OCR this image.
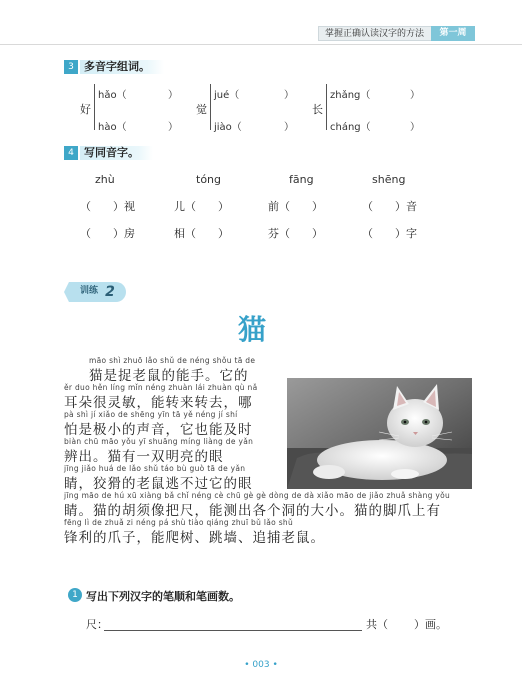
掌握正确认读汉字的方法	第一周
3 多音字组词。
好
hǎo（	）
hào（	）
觉
jué（	）
jiào（	）
长
zhǎng（	）
cháng（	）
4 写同音字。
zhù	tóng	fāng	shēng
（　　）视	儿（　　）	前（　　）	（　　）音
（　　）房	相（　　）	芬（　　）	（　　）字
训练 2
猫
māo shì zhuō lǎo shǔ de néng shǒu tā de
猫是捉老鼠的能手。它的
ěr duo hěn líng mǐn néng zhuàn lái zhuàn qù nǎ
耳朵很灵敏，能转来转去，哪
pà shì jí xiǎo de shēng yīn tā yě néng jí shí
怕是极小的声音，它也能及时
biàn chū māo yǒu yī shuāng míng liàng de yǎn
辨出。猫有一双明亮的眼
jīng jiǎo huá de lǎo shǔ táo bù guò tā de yǎn
睛，狡猾的老鼠逃不过它的眼
jīng māo de hú xū xiàng bǎ chǐ néng cè chū gè gè dòng de dà xiǎo māo de jiǎo zhuǎ shàng yǒu
睛。猫的胡须像把尺，能测出各个洞的大小。猫的脚爪上有
fēng lì de zhuǎ zi néng pá shù tiào qiáng zhuī bǔ lǎo shǔ
锋利的爪子，能爬树、跳墙、追捕老鼠。
1 写出下列汉字的笔顺和笔画数。
尺：	共（ ）画。
• 003 •
